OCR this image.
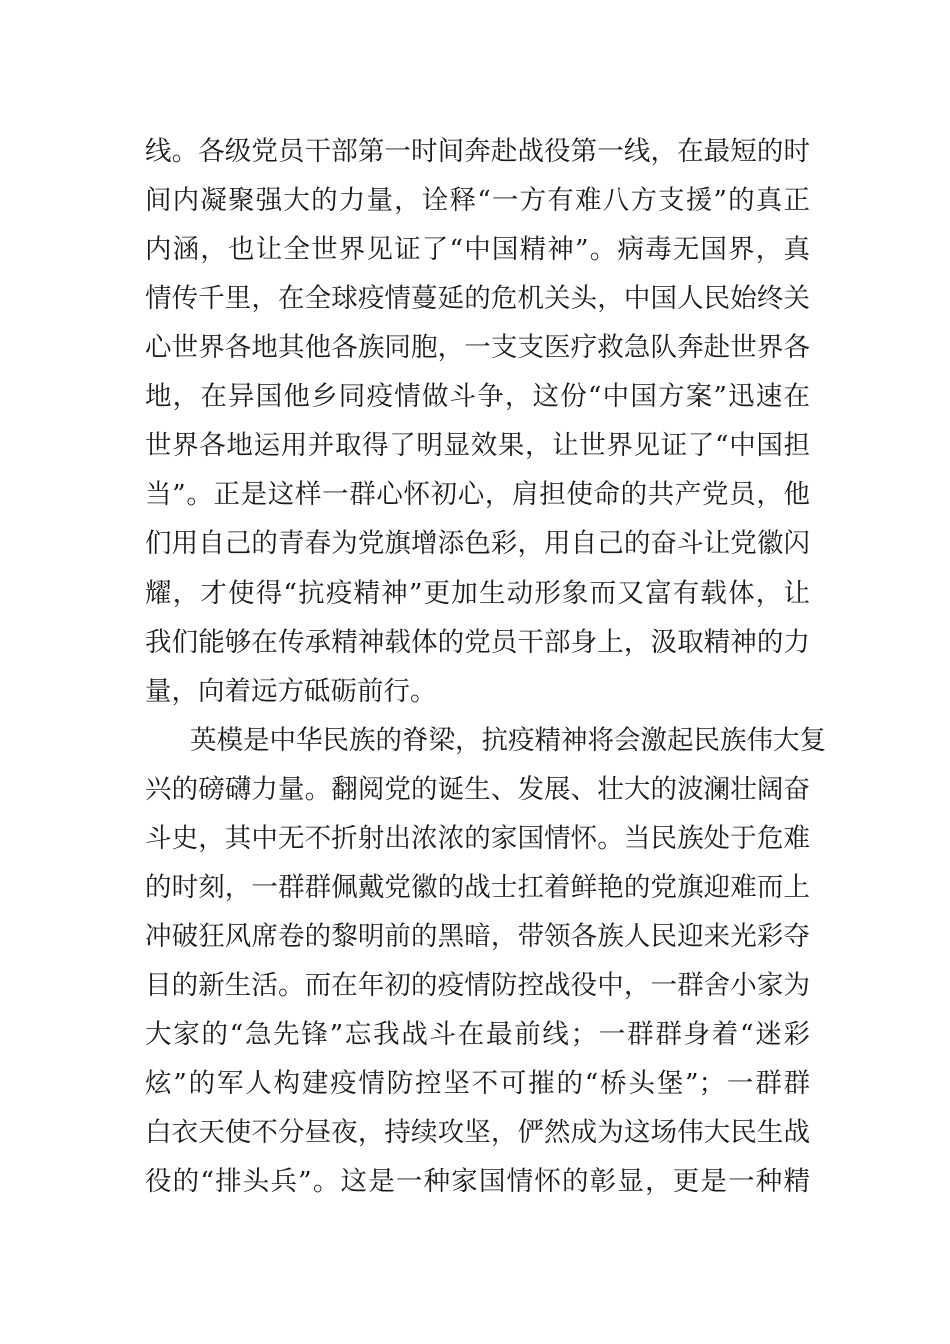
线。各级党员干部第一时间奔赴战役第一线，在最短的时
间内凝聚强大的力量，诠释“一方有难八方支援”的真正
内涵，也让全世界见证了“中国精神”。病毒无国界，真
情传千里，在全球疫情蔓延的危机关头，中国人民始终关
心世界各地其他各族同胞，一支支医疗救急队奔赴世界各
地，在异国他乡同疫情做斗争，这份“中国方案”迅速在
世界各地运用并取得了明显效果，让世界见证了“中国担
当”。正是这样一群心怀初心，肩担使命的共产党员，他
们用自己的青春为党旗增添色彩，用自己的奋斗让党徽闪
耀，才使得“抗疫精神”更加生动形象而又富有载体，让
我们能够在传承精神载体的党员干部身上，汲取精神的力
量，向着远方砥砺前行。
英模是中华民族的脊梁，抗疫精神将会激起民族伟大复
兴的磅礴力量。翻阅党的诞生、发展、壮大的波澜壮阔奋
斗史，其中无不折射出浓浓的家国情怀。当民族处于危难
的时刻，一群群佩戴党徽的战士扛着鲜艳的党旗迎难而上
冲破狂风席卷的黎明前的黑暗，带领各族人民迎来光彩夺
目的新生活。而在年初的疫情防控战役中，一群舍小家为
大家的“急先锋”忘我战斗在最前线；一群群身着“迷彩
炫”的军人构建疫情防控坚不可摧的“桥头堡”；一群群
白衣天使不分昼夜，持续攻坚，俨然成为这场伟大民生战
役的“排头兵”。这是一种家国情怀的彰显，更是一种精
